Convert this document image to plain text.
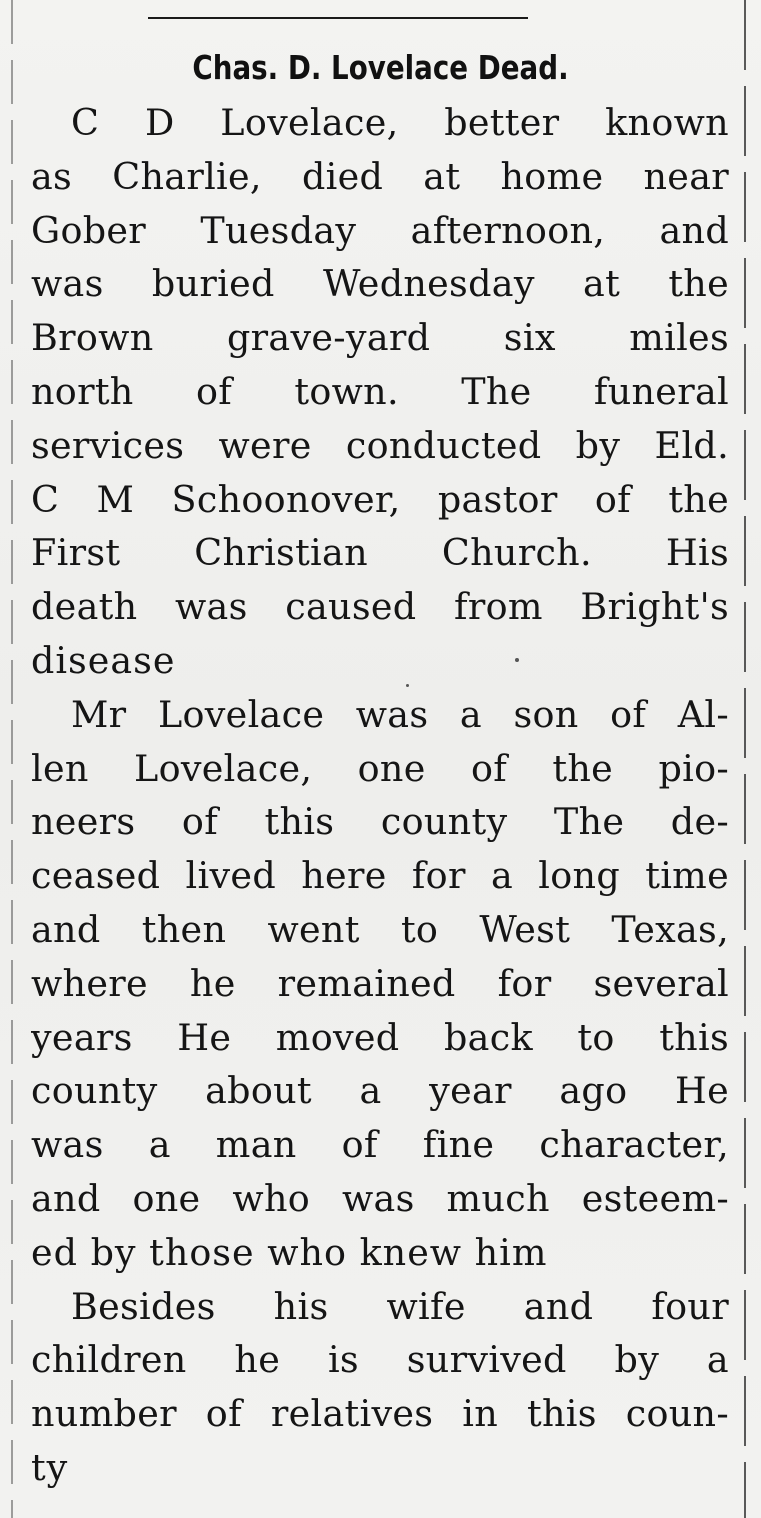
Chas. D. Lovelace Dead.
C D Lovelace, better known
as Charlie, died at home near
Gober Tuesday afternoon, and
was buried Wednesday at the
Brown grave-yard six miles
north of town. The funeral
services were conducted by Eld.
C M Schoonover, pastor of the
First Christian Church. His
death was caused from Bright's
disease
Mr Lovelace was a son of Al-
len Lovelace, one of the pio-
neers of this county The de-
ceased lived here for a long time
and then went to West Texas,
where he remained for several
years He moved back to this
county about a year ago He
was a man of fine character,
and one who was much esteem-
ed by those who knew him
Besides his wife and four
children he is survived by a
number of relatives in this coun-
ty
